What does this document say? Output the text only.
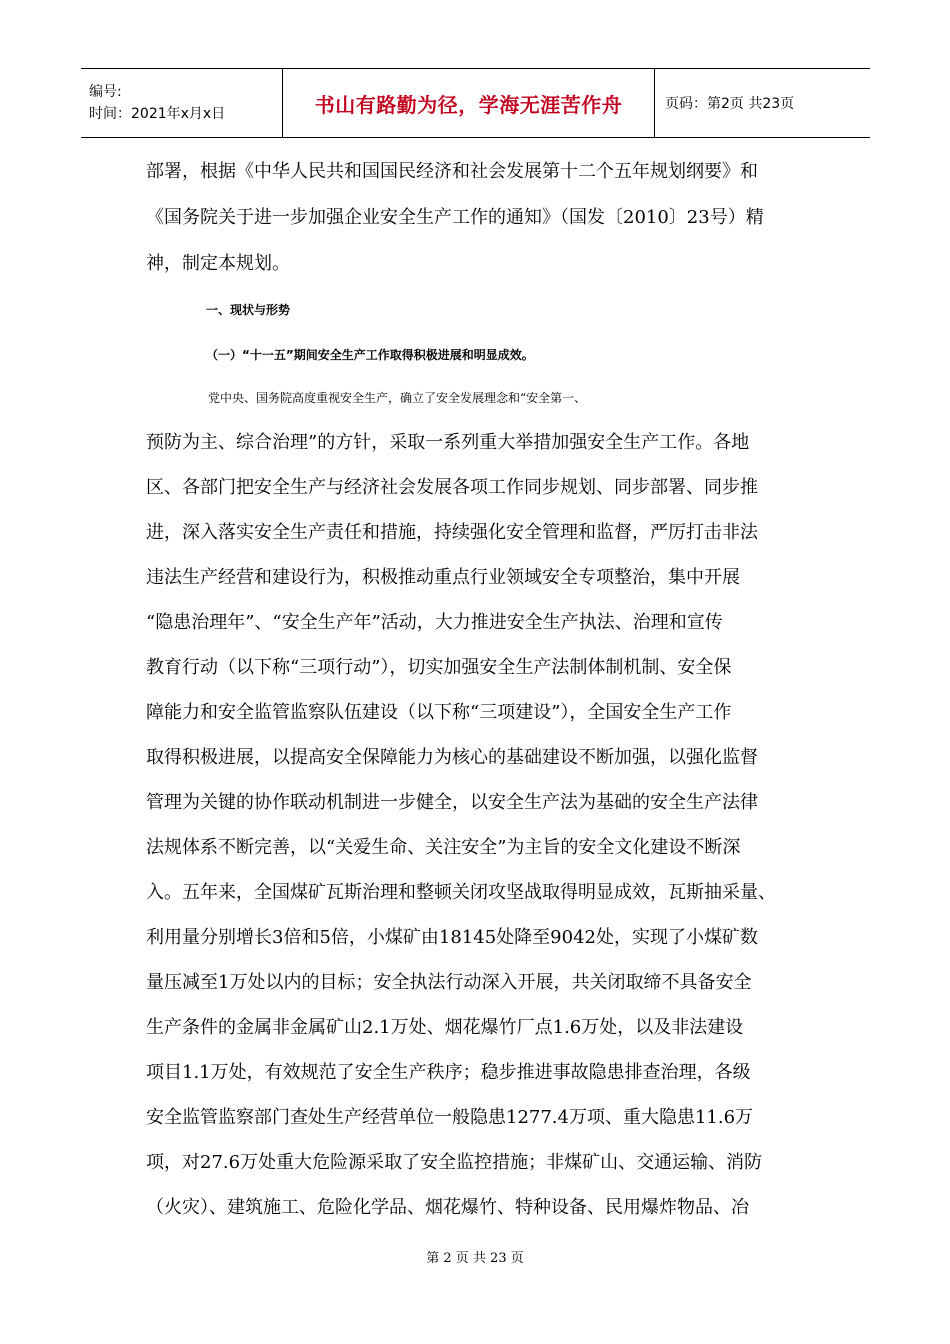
编号:
时间：2021年x月x日	书山有路勤为径，学海无涯苦作舟	页码：第2页 共23页
部署，根据《中华人民共和国国民经济和社会发展第十二个五年规划纲要》和
《国务院关于进一步加强企业安全生产工作的通知》（国发〔2010〕23号）精
神，制定本规划。
一、现状与形势
（一）“十一五”期间安全生产工作取得积极进展和明显成效。
党中央、国务院高度重视安全生产，确立了安全发展理念和“安全第一、
预防为主、综合治理”的方针，采取一系列重大举措加强安全生产工作。各地
区、各部门把安全生产与经济社会发展各项工作同步规划、同步部署、同步推
进，深入落实安全生产责任和措施，持续强化安全管理和监督，严厉打击非法
违法生产经营和建设行为，积极推动重点行业领域安全专项整治，集中开展
“隐患治理年”、“安全生产年”活动，大力推进安全生产执法、治理和宣传
教育行动（以下称“三项行动”），切实加强安全生产法制体制机制、安全保
障能力和安全监管监察队伍建设（以下称“三项建设”），全国安全生产工作
取得积极进展，以提高安全保障能力为核心的基础建设不断加强，以强化监督
管理为关键的协作联动机制进一步健全，以安全生产法为基础的安全生产法律
法规体系不断完善，以“关爱生命、关注安全”为主旨的安全文化建设不断深
入。五年来，全国煤矿瓦斯治理和整顿关闭攻坚战取得明显成效，瓦斯抽采量、
利用量分别增长3倍和5倍，小煤矿由18145处降至9042处，实现了小煤矿数
量压减至1万处以内的目标；安全执法行动深入开展，共关闭取缔不具备安全
生产条件的金属非金属矿山2.1万处、烟花爆竹厂点1.6万处，以及非法建设
项目1.1万处，有效规范了安全生产秩序；稳步推进事故隐患排查治理，各级
安全监管监察部门查处生产经营单位一般隐患1277.4万项、重大隐患11.6万
项，对27.6万处重大危险源采取了安全监控措施；非煤矿山、交通运输、消防
（火灾）、建筑施工、危险化学品、烟花爆竹、特种设备、民用爆炸物品、冶
第 2 页 共 23 页
